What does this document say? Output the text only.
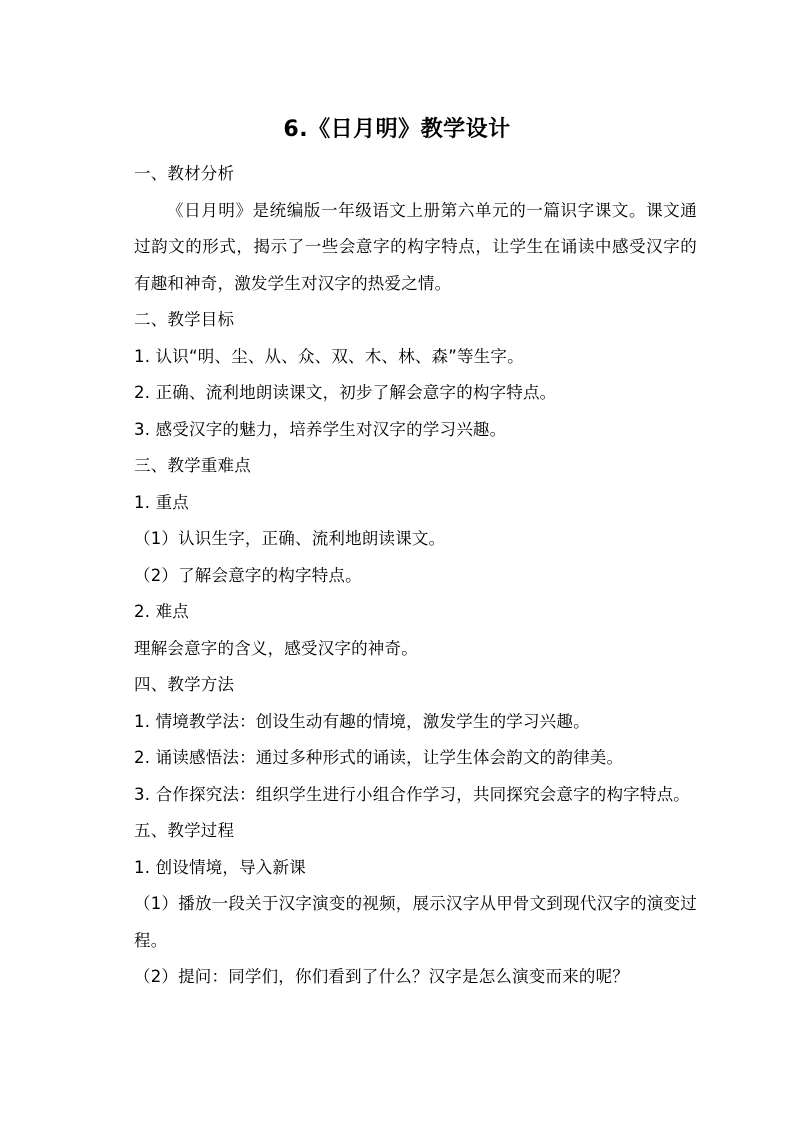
6.《日月明》教学设计

一、教材分析

《日月明》是统编版一年级语文上册第六单元的一篇识字课文。课文通过韵文的形式，揭示了一些会意字的构字特点，让学生在诵读中感受汉字的有趣和神奇，激发学生对汉字的热爱之情。

二、教学目标

1. 认识“明、尘、从、众、双、木、林、森”等生字。

2. 正确、流利地朗读课文，初步了解会意字的构字特点。

3. 感受汉字的魅力，培养学生对汉字的学习兴趣。

三、教学重难点

1. 重点

（1）认识生字，正确、流利地朗读课文。

（2）了解会意字的构字特点。

2. 难点

理解会意字的含义，感受汉字的神奇。

四、教学方法

1. 情境教学法：创设生动有趣的情境，激发学生的学习兴趣。

2. 诵读感悟法：通过多种形式的诵读，让学生体会韵文的韵律美。

3. 合作探究法：组织学生进行小组合作学习，共同探究会意字的构字特点。

五、教学过程

1. 创设情境，导入新课

（1）播放一段关于汉字演变的视频，展示汉字从甲骨文到现代汉字的演变过程。

（2）提问：同学们，你们看到了什么？汉字是怎么演变而来的呢？
